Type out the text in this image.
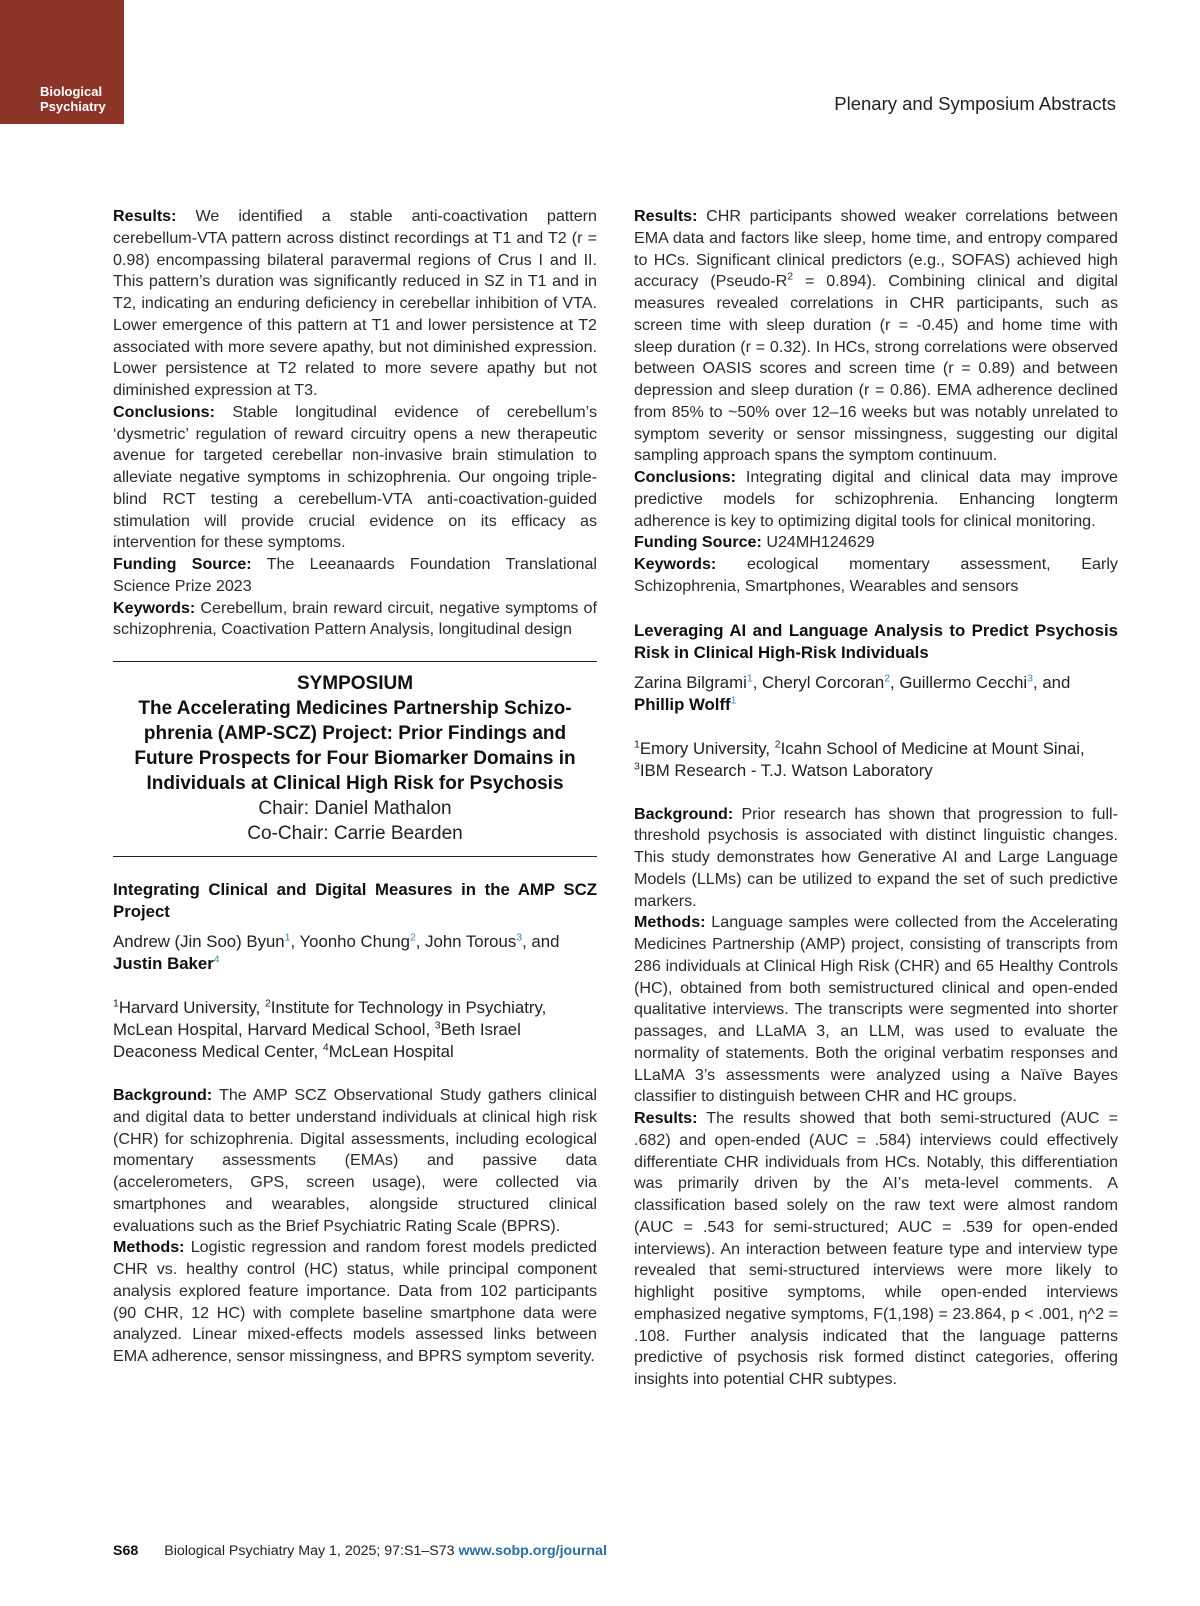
Biological
Psychiatry	Plenary and Symposium Abstracts

Results: We identified a stable anti-coactivation pattern cerebellum-VTA pattern across distinct recordings at T1 and T2 (r = 0.98) encompassing bilateral paravermal regions of Crus I and II. This pattern’s duration was significantly reduced in SZ in T1 and in T2, indicating an enduring deficiency in cerebellar inhibition of VTA. Lower emergence of this pattern at T1 and lower persistence at T2 associated with more severe apathy, but not diminished expression. Lower persistence at T2 related to more severe apathy but not diminished expression at T3.

Conclusions: Stable longitudinal evidence of cerebellum’s ‘dysmetric’ regulation of reward circuitry opens a new therapeutic avenue for targeted cerebellar non-invasive brain stimulation to alleviate negative symptoms in schizophrenia. Our ongoing triple-blind RCT testing a cerebellum-VTA anti-coactivation-guided stimulation will provide crucial evidence on its efficacy as intervention for these symptoms.

Funding Source: The Leeanaards Foundation Translational Science Prize 2023

Keywords: Cerebellum, brain reward circuit, negative symptoms of schizophrenia, Coactivation Pattern Analysis, longitudinal design

SYMPOSIUM
The Accelerating Medicines Partnership Schizophrenia (AMP-SCZ) Project: Prior Findings and Future Prospects for Four Biomarker Domains in Individuals at Clinical High Risk for Psychosis
Chair: Daniel Mathalon
Co-Chair: Carrie Bearden
Integrating Clinical and Digital Measures in the AMP SCZ Project
Andrew (Jin Soo) Byun$^1$, Yoonho Chung$^2$, John Torous$^3$, and Justin Baker$^4$
$^1$Harvard University, $^2$Institute for Technology in Psychiatry, McLean Hospital, Harvard Medical School, $^3$Beth Israel Deaconess Medical Center, $^4$McLean Hospital

Background: The AMP SCZ Observational Study gathers clinical and digital data to better understand individuals at clinical high risk (CHR) for schizophrenia. Digital assessments, including ecological momentary assessments (EMAs) and passive data (accelerometers, GPS, screen usage), were collected via smartphones and wearables, alongside structured clinical evaluations such as the Brief Psychiatric Rating Scale (BPRS).

Methods: Logistic regression and random forest models predicted CHR vs. healthy control (HC) status, while principal component analysis explored feature importance. Data from 102 participants (90 CHR, 12 HC) with complete baseline smartphone data were analyzed. Linear mixed-effects models assessed links between EMA adherence, sensor missingness, and BPRS symptom severity.

Results: CHR participants showed weaker correlations between EMA data and factors like sleep, home time, and entropy compared to HCs. Significant clinical predictors (e.g., SOFAS) achieved high accuracy $(Pseudo-R^2 = 0.894)$. Combining clinical and digital measures revealed correlations in CHR participants, such as screen time with sleep duration (r = -0.45) and home time with sleep duration (r = 0.32). In HCs, strong correlations were observed between OASIS scores and screen time (r = 0.89) and between depression and sleep duration (r = 0.86). EMA adherence declined from 85% to ~50% over 12–16 weeks but was notably unrelated to symptom severity or sensor missingness, suggesting our digital sampling approach spans the symptom continuum.

Conclusions: Integrating digital and clinical data may improve predictive models for schizophrenia. Enhancing longterm adherence is key to optimizing digital tools for clinical monitoring.

Funding Source: U24MH124629

Keywords: ecological momentary assessment, Early Schizophrenia, Smartphones, Wearables and sensors

Leveraging AI and Language Analysis to Predict Psychosis Risk in Clinical High-Risk Individuals
Zarina Bilgrami$^1$, Cheryl Corcoran$^2$, Guillermo Cecchi$^3$, and Phillip Wolff$^1$
$^1$Emory University, $^2$Icahn School of Medicine at Mount Sinai, $^3$IBM Research - T.J. Watson Laboratory

Background: Prior research has shown that progression to full-threshold psychosis is associated with distinct linguistic changes. This study demonstrates how Generative AI and Large Language Models (LLMs) can be utilized to expand the set of such predictive markers.

Methods: Language samples were collected from the Accelerating Medicines Partnership (AMP) project, consisting of transcripts from 286 individuals at Clinical High Risk (CHR) and 65 Healthy Controls (HC), obtained from both semistructured clinical and open-ended qualitative interviews. The transcripts were segmented into shorter passages, and LLaMA 3, an LLM, was used to evaluate the normality of statements. Both the original verbatim responses and LLaMA 3’s assessments were analyzed using a Naïve Bayes classifier to distinguish between CHR and HC groups.

Results: The results showed that both semi-structured (AUC = .682) and open-ended (AUC = .584) interviews could effectively differentiate CHR individuals from HCs. Notably, this differentiation was primarily driven by the AI’s meta-level comments. A classification based solely on the raw text were almost random (AUC = .543 for semi-structured; AUC = .539 for open-ended interviews). An interaction between feature type and interview type revealed that semi-structured interviews were more likely to highlight positive symptoms, while open-ended interviews emphasized negative symptoms, F(1,198) = 23.864, p < .001, η^2 = .108. Further analysis indicated that the language patterns predictive of psychosis risk formed distinct categories, offering insights into potential CHR subtypes.

S68 Biological Psychiatry May 1, 2025; 97:S1–S73 www.sobp.org/journal
